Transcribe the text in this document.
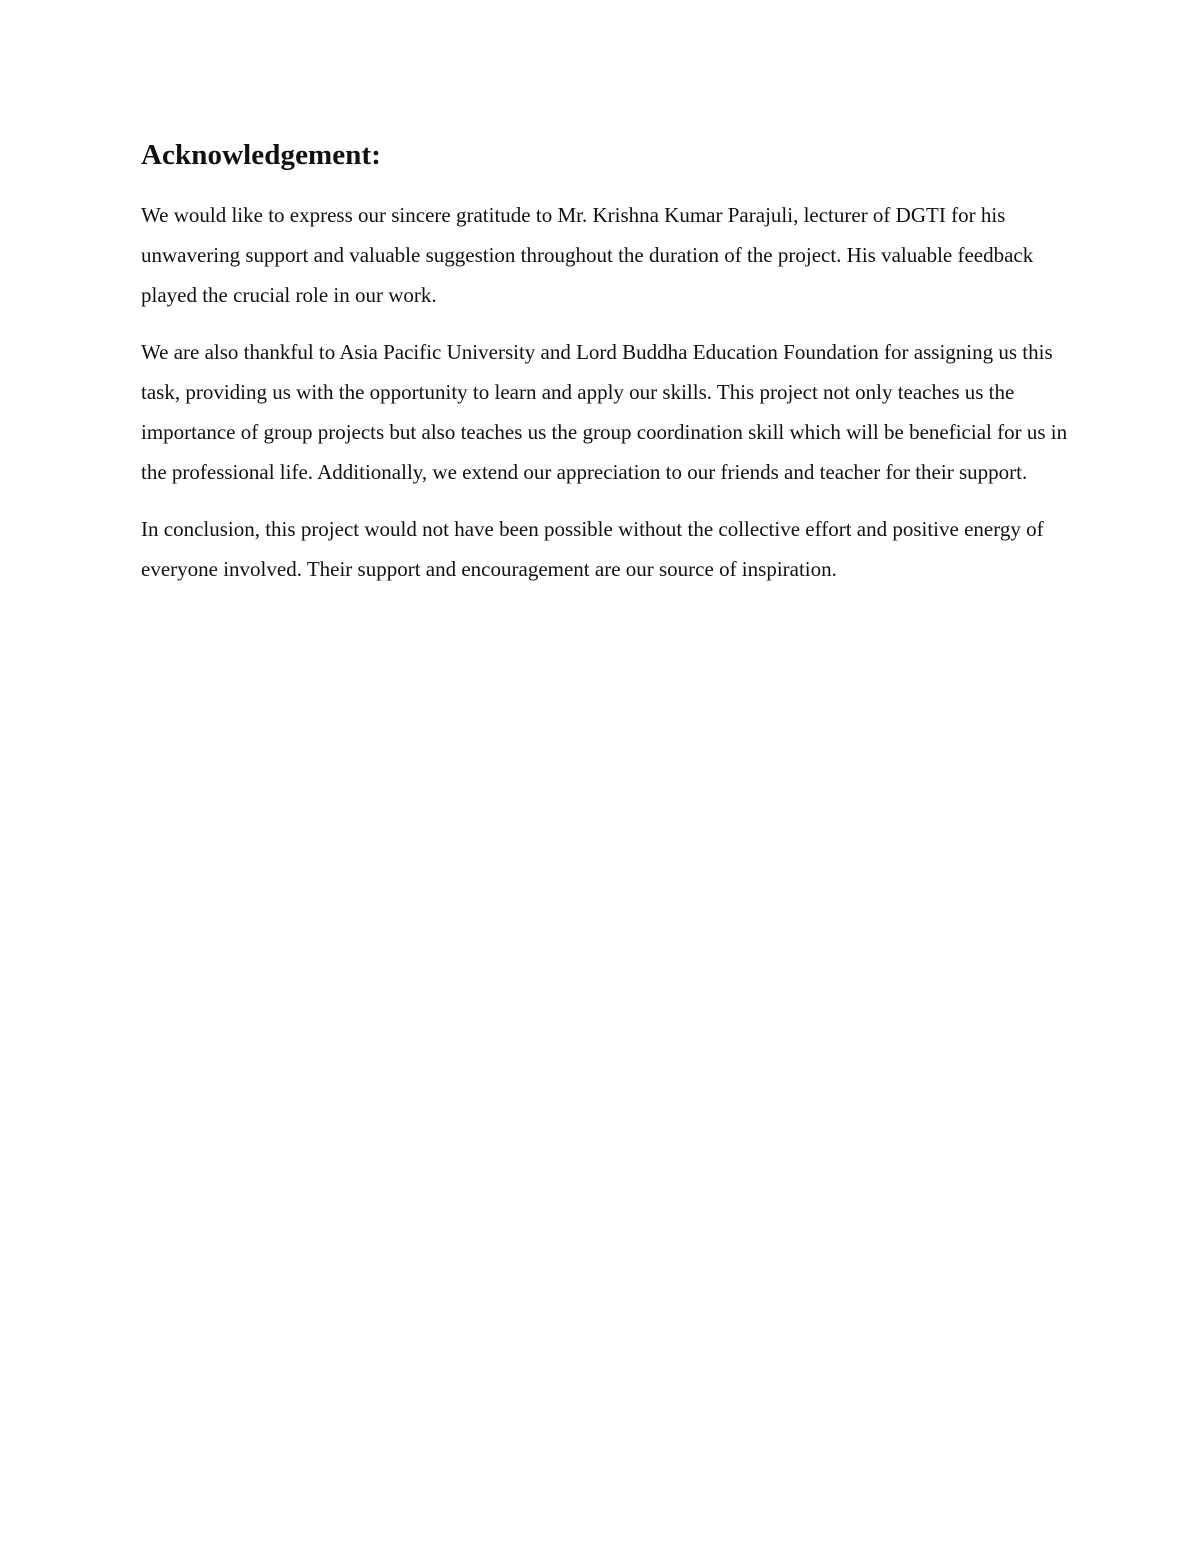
Acknowledgement:

We would like to express our sincere gratitude to Mr. Krishna Kumar Parajuli, lecturer of DGTI for his unwavering support and valuable suggestion throughout the duration of the project. His valuable feedback played the crucial role in our work.

We are also thankful to Asia Pacific University and Lord Buddha Education Foundation for assigning us this task, providing us with the opportunity to learn and apply our skills. This project not only teaches us the importance of group projects but also teaches us the group coordination skill which will be beneficial for us in the professional life. Additionally, we extend our appreciation to our friends and teacher for their support.

In conclusion, this project would not have been possible without the collective effort and positive energy of everyone involved. Their support and encouragement are our source of inspiration.
